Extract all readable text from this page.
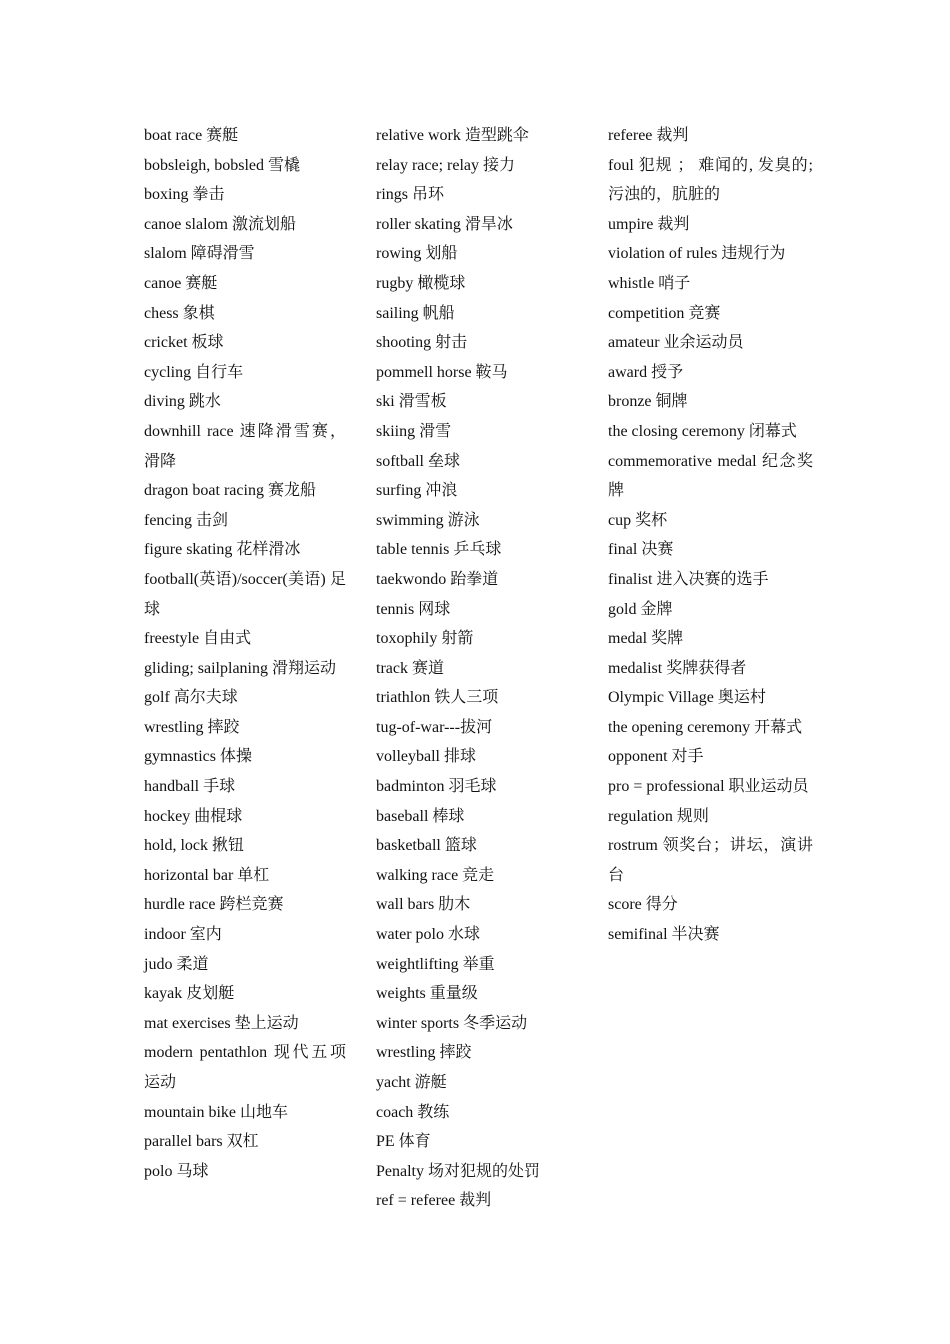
boat race 赛艇

bobsleigh, bobsled 雪橇

boxing 拳击

canoe slalom 激流划船

slalom 障碍滑雪

canoe 赛艇

chess 象棋

cricket 板球

cycling 自行车

diving 跳水

downhill race 速降滑雪赛，滑降

dragon boat racing 赛龙船

fencing 击剑

figure skating 花样滑冰

football(英语)/soccer(美语) 足球

freestyle 自由式

gliding; sailplaning 滑翔运动

golf 高尔夫球

wrestling 摔跤

gymnastics 体操

handball 手球

hockey 曲棍球

hold, lock 揪钮

horizontal bar 单杠

hurdle race 跨栏竞赛

indoor 室内

judo 柔道

kayak 皮划艇

mat exercises 垫上运动

modern pentathlon 现代五项运动

mountain bike 山地车

parallel bars 双杠

polo 马球

relative work 造型跳伞

relay race; relay 接力

rings 吊环

roller skating 滑旱冰

rowing 划船

rugby 橄榄球

sailing 帆船

shooting 射击

pommell horse 鞍马

ski 滑雪板

skiing 滑雪

softball 垒球

surfing 冲浪

swimming 游泳

table tennis 乒乓球

taekwondo 跆拳道

tennis 网球

toxophily 射箭

track 赛道

triathlon 铁人三项

tug-of-war---拔河

volleyball 排球

badminton 羽毛球

baseball 棒球

basketball 篮球

walking race 竞走

wall bars 肋木

water polo 水球

weightlifting 举重

weights 重量级

winter sports 冬季运动

wrestling 摔跤

yacht 游艇

coach 教练

PE 体育

Penalty 场对犯规的处罚

ref = referee 裁判

referee 裁判

foul 犯规 ； 难闻的, 发臭的; 污浊的，肮脏的

umpire 裁判

violation of rules 违规行为

whistle 哨子

competition 竞赛

amateur 业余运动员

award 授予

bronze 铜牌

the closing ceremony 闭幕式

commemorative medal 纪念奖牌

cup 奖杯

final 决赛

finalist 进入决赛的选手

gold 金牌

medal 奖牌

medalist 奖牌获得者

Olympic Village 奥运村

the opening ceremony 开幕式

opponent 对手

pro = professional 职业运动员

regulation 规则

rostrum 领奖台；讲坛，演讲台

score 得分

semifinal 半决赛
